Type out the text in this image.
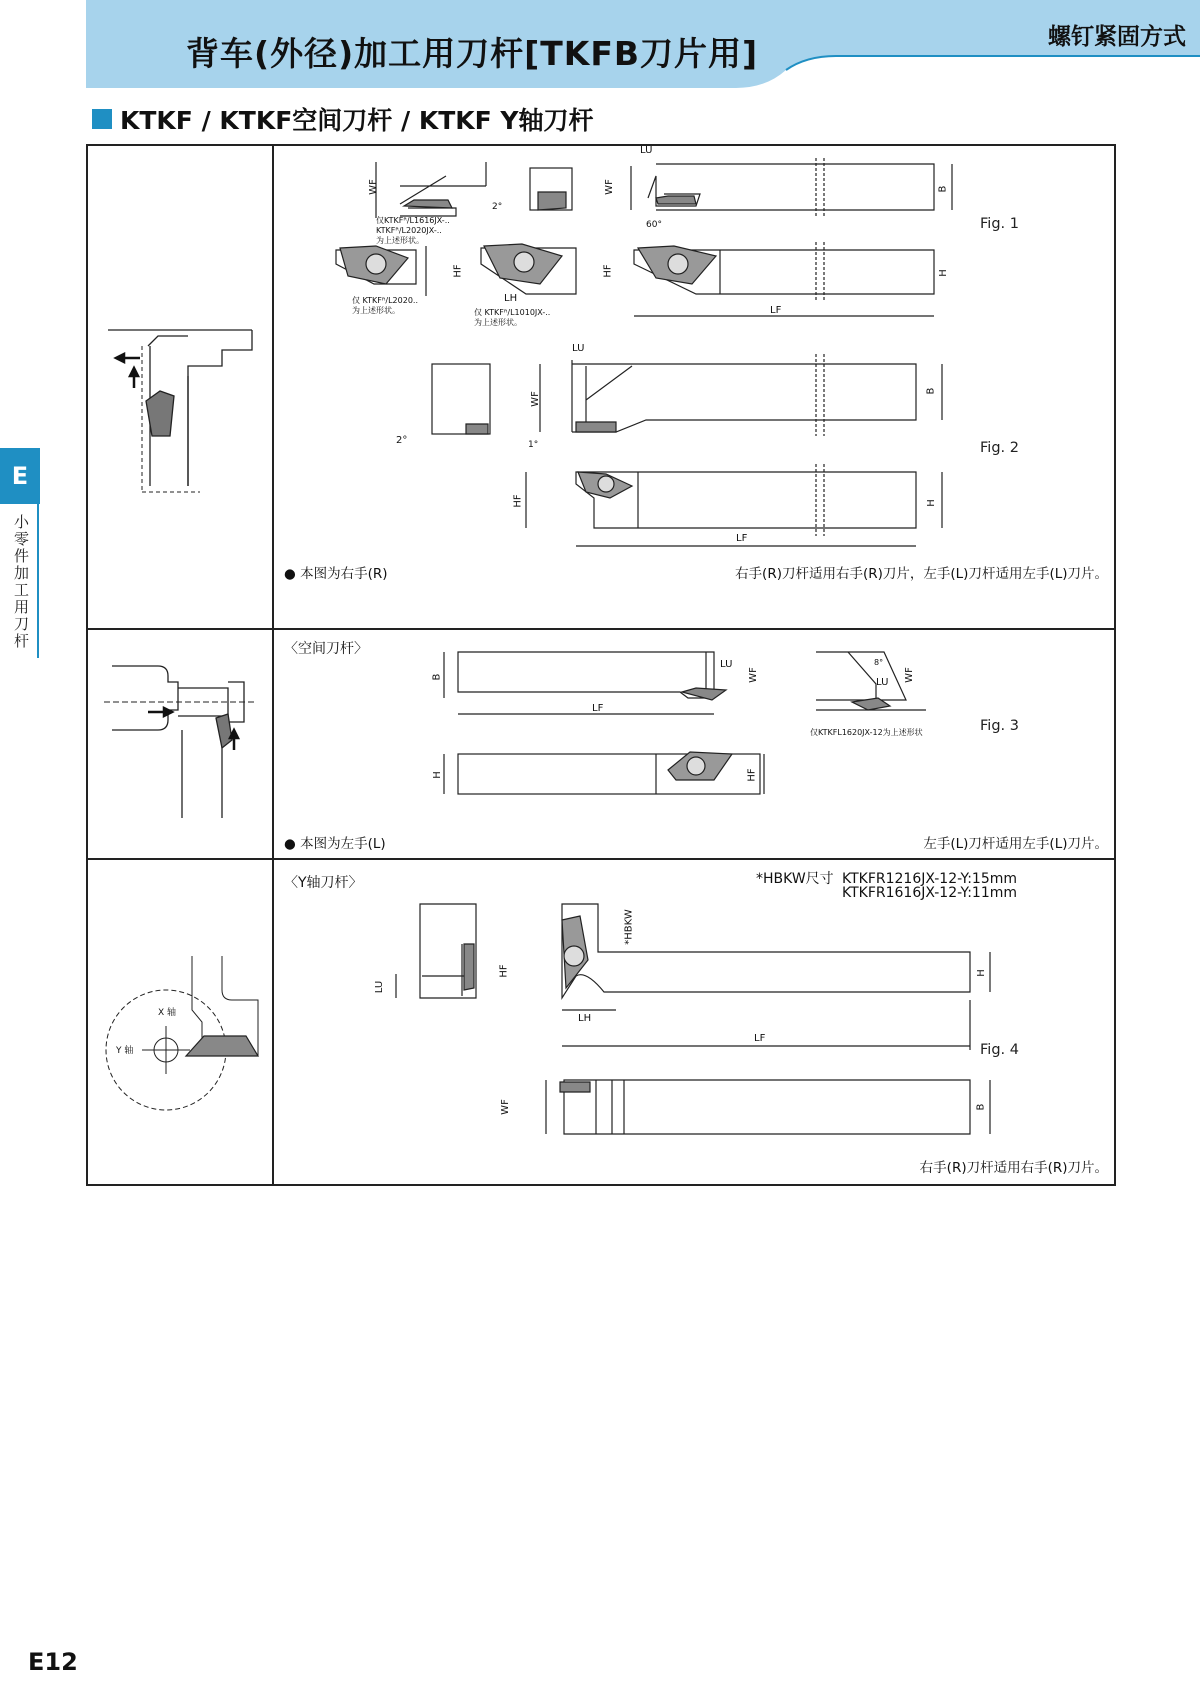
背车(外径)加工用刀杆[TKFB刀片用]	螺钉紧固方式
KTKF / KTKF空间刀杆 / KTKF Y轴刀杆
E
小零件加工用刀杆
WF
2°
WF
LU
60°
B
仅KTKFᴿ/L1616JX-..
KTKFᴿ/L2020JX-..
为上述形状。
HF
LH
HF	H
仅 KTKFᴿ/L2020..
为上述形状。	仅 KTKFᴿ/L1010JX-..
为上述形状。
LF
Fig. 1
LU
WF
2°	1°
B
Fig. 2
HF	H
LF
● 本图为右手(R)	右手(R)刀杆适用右手(R)刀片，左手(L)刀杆适用左手(L)刀片。
〈空间刀杆〉
B
LU
WF
LF
8°
LU WF
仅KTKFL1620JX-12为上述形状	Fig. 3
H	HF
● 本图为左手(L)	左手(L)刀杆适用左手(L)刀片。
X 轴
Y 轴
〈Y轴刀杆〉	*HBKW尺寸 KTKFR1216JX-12-Y:15mm
KTKFR1616JX-12-Y:11mm
*HBKW
LU
HF
LH
H
LF
Fig. 4
WF	B
右手(R)刀杆适用右手(R)刀片。
E12
